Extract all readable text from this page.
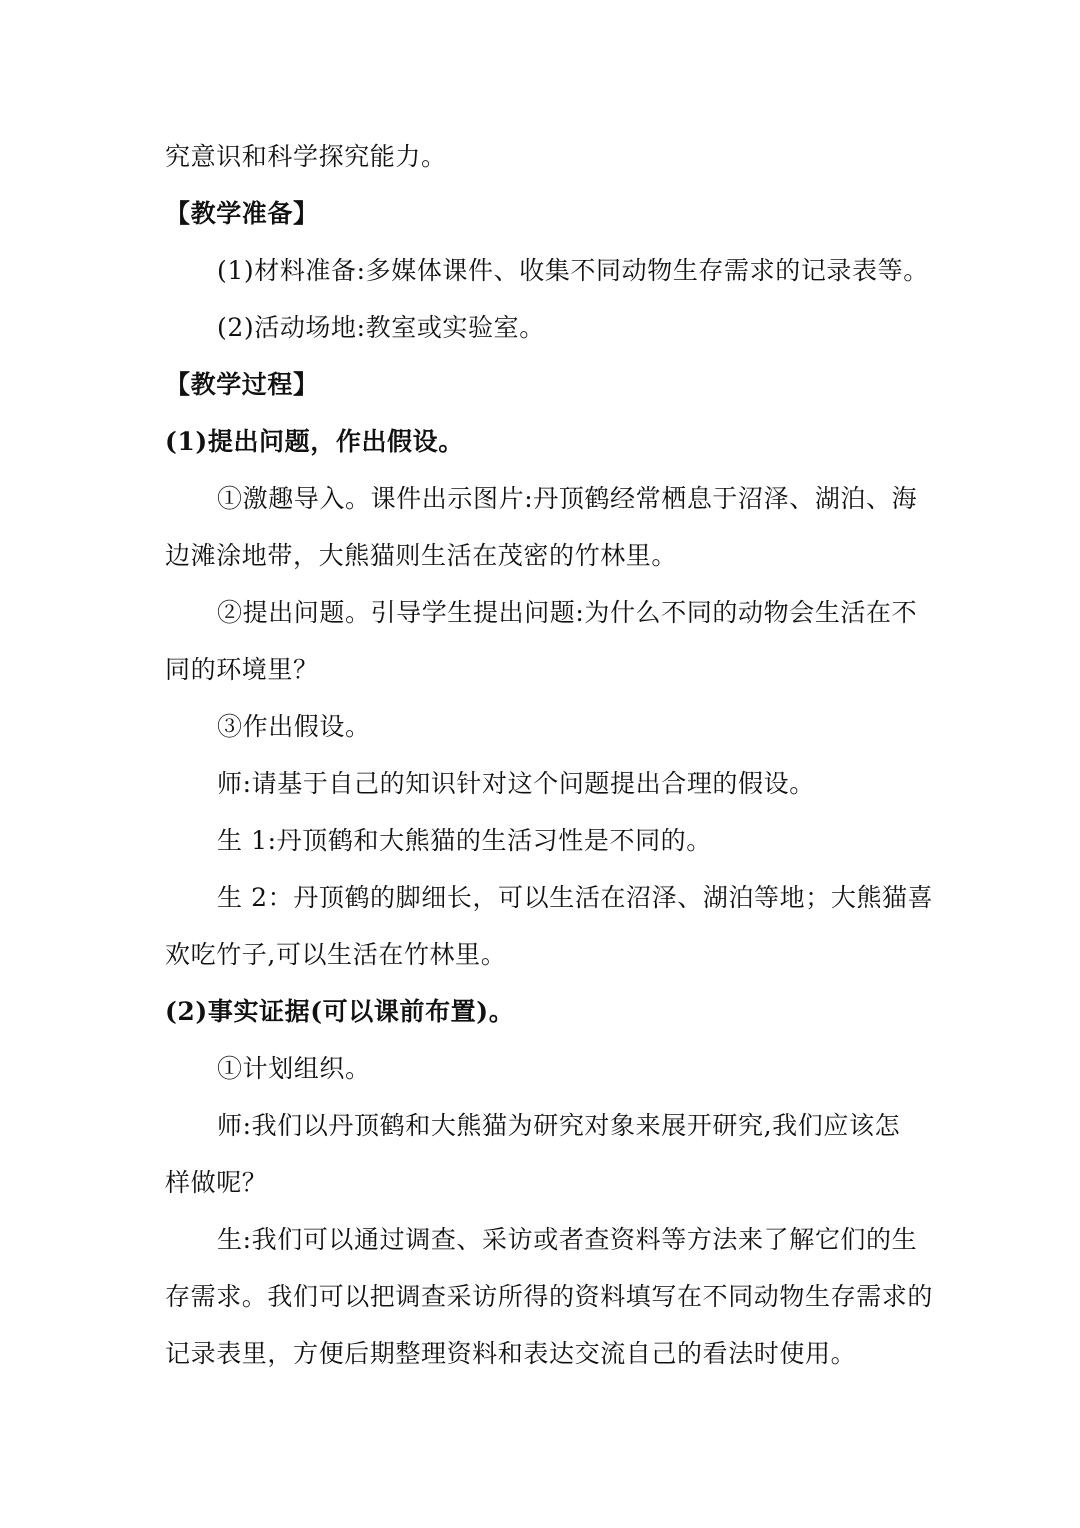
究意识和科学探究能力。
【教学准备】
(1)材料准备:多媒体课件、收集不同动物生存需求的记录表等。
(2)活动场地:教室或实验室。
【教学过程】
(1)提出问题，作出假设。
①激趣导入。课件出示图片:丹顶鹤经常栖息于沼泽、湖泊、海
边滩涂地带，大熊猫则生活在茂密的竹林里。
②提出问题。引导学生提出问题:为什么不同的动物会生活在不
同的环境里？
③作出假设。
师:请基于自己的知识针对这个问题提出合理的假设。
生 1:丹顶鹤和大熊猫的生活习性是不同的。
生 2：丹顶鹤的脚细长，可以生活在沼泽、湖泊等地；大熊猫喜
欢吃竹子,可以生活在竹林里。
(2)事实证据(可以课前布置)。
①计划组织。
师:我们以丹顶鹤和大熊猫为研究对象来展开研究,我们应该怎
样做呢？
生:我们可以通过调查、采访或者查资料等方法来了解它们的生
存需求。我们可以把调查采访所得的资料填写在不同动物生存需求的
记录表里，方便后期整理资料和表达交流自己的看法时使用。
